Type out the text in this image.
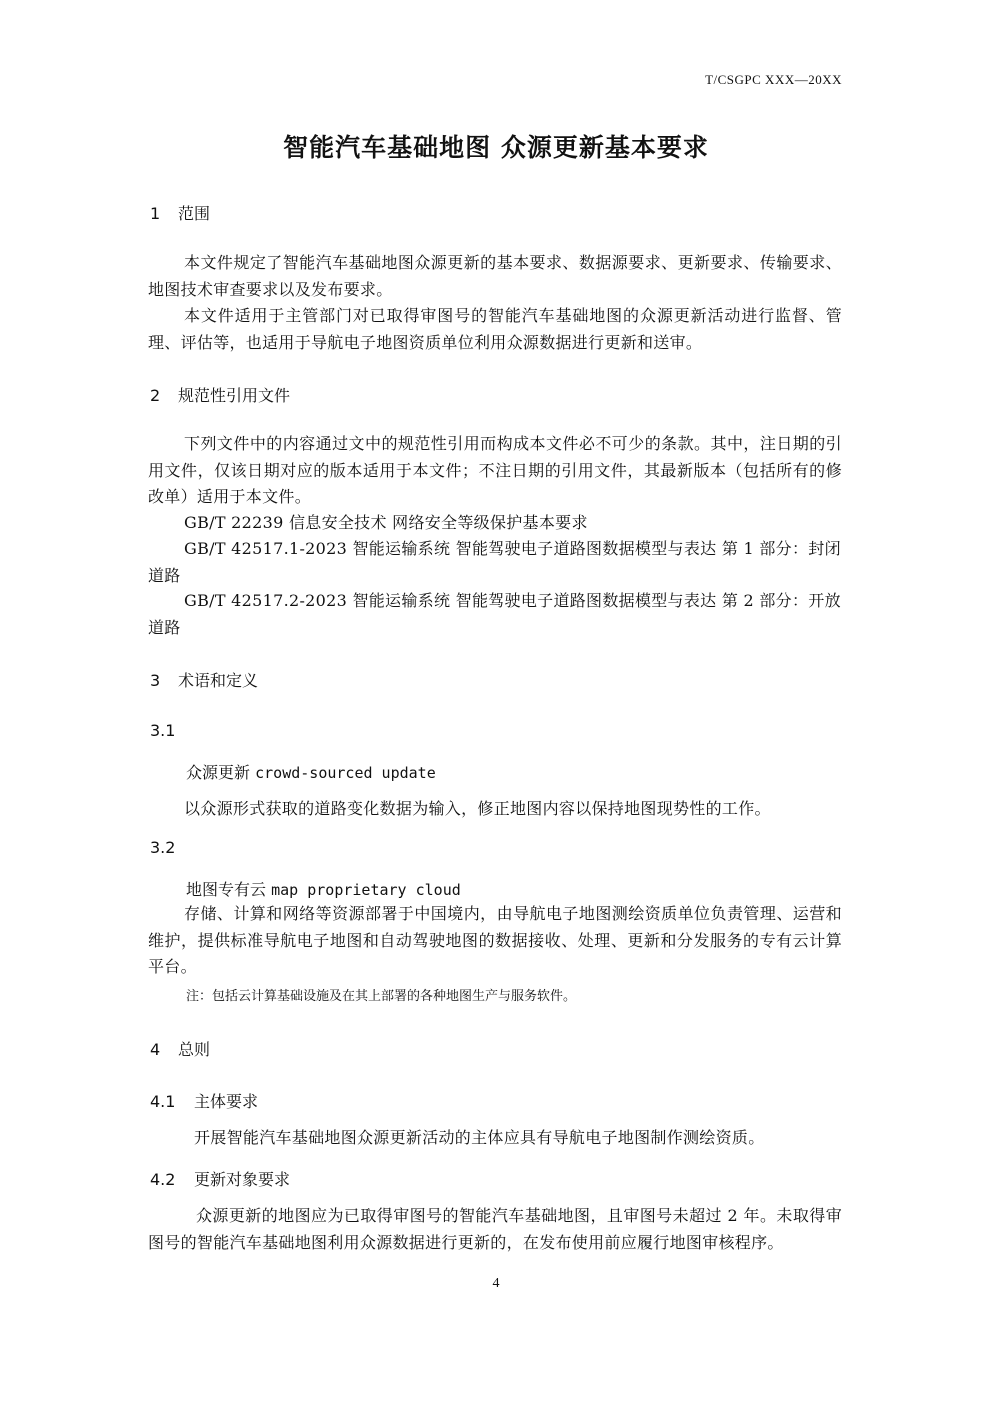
T/CSGPC XXX—20XX
智能汽车基础地图 众源更新基本要求
1 范围
本文件规定了智能汽车基础地图众源更新的基本要求、数据源要求、更新要求、传输要求、地图技术审查要求以及发布要求。
本文件适用于主管部门对已取得审图号的智能汽车基础地图的众源更新活动进行监督、管理、评估等，也适用于导航电子地图资质单位利用众源数据进行更新和送审。
2 规范性引用文件
下列文件中的内容通过文中的规范性引用而构成本文件必不可少的条款。其中，注日期的引用文件，仅该日期对应的版本适用于本文件；不注日期的引用文件，其最新版本（包括所有的修改单）适用于本文件。
GB/T 22239 信息安全技术 网络安全等级保护基本要求
GB/T 42517.1-2023 智能运输系统 智能驾驶电子道路图数据模型与表达 第 1 部分：封闭道路
GB/T 42517.2-2023 智能运输系统 智能驾驶电子道路图数据模型与表达 第 2 部分：开放道路
3 术语和定义
3.1
众源更新 crowd-sourced update
以众源形式获取的道路变化数据为输入，修正地图内容以保持地图现势性的工作。
3.2
地图专有云 map proprietary cloud
存储、计算和网络等资源部署于中国境内，由导航电子地图测绘资质单位负责管理、运营和维护，提供标准导航电子地图和自动驾驶地图的数据接收、处理、更新和分发服务的专有云计算平台。
注：包括云计算基础设施及在其上部署的各种地图生产与服务软件。
4 总则
4.1 主体要求
开展智能汽车基础地图众源更新活动的主体应具有导航电子地图制作测绘资质。
4.2 更新对象要求
众源更新的地图应为已取得审图号的智能汽车基础地图，且审图号未超过 2 年。未取得审图号的智能汽车基础地图利用众源数据进行更新的，在发布使用前应履行地图审核程序。
4
